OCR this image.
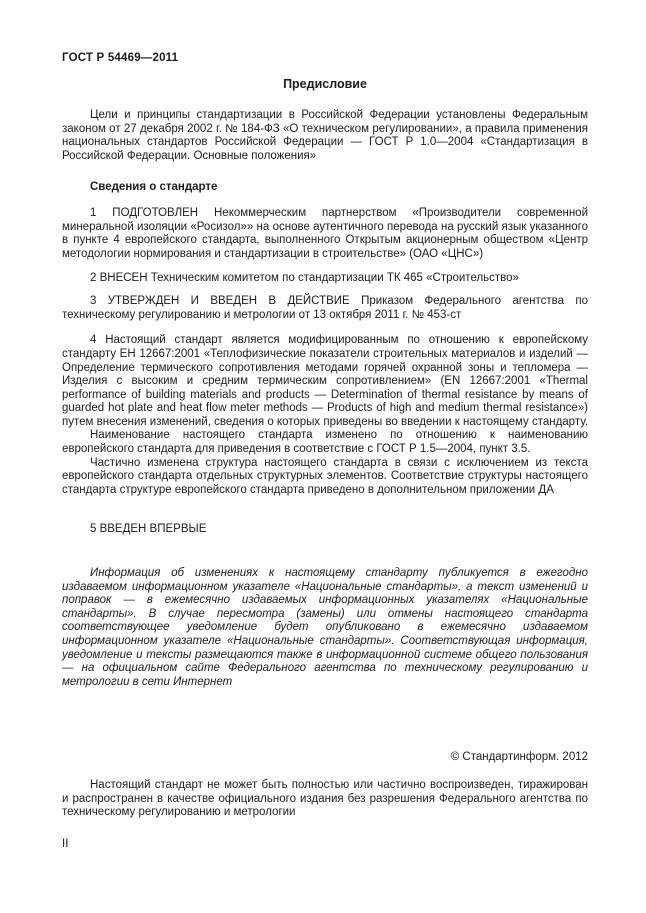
ГОСТ Р 54469—2011
Предисловие

Цели и принципы стандартизации в Российской Федерации установлены Федеральным законом от 27 декабря 2002 г. № 184-ФЗ «О техническом регулировании», а правила применения национальных стандартов Российской Федерации — ГОСТ Р 1.0—2004 «Стандартизация в Российской Федерации. Основные положения»

Сведения о стандарте

1 ПОДГОТОВЛЕН Некоммерческим партнерством «Производители современной минеральной изоляции «Росизол»» на основе аутентичного перевода на русский язык указанного в пункте 4 европейского стандарта, выполненного Открытым акционерным обществом «Центр методологии нормирования и стандартизации в строительстве» (ОАО «ЦНС»)

2 ВНЕСЕН Техническим комитетом по стандартизации ТК 465 «Строительство»

3 УТВЕРЖДЕН И ВВЕДЕН В ДЕЙСТВИЕ Приказом Федерального агентства по техническому регулированию и метрологии от 13 октября 2011 г. № 453-ст

4 Настоящий стандарт является модифицированным по отношению к европейскому стандарту ЕН 12667:2001 «Теплофизические показатели строительных материалов и изделий — Определение термического сопротивления методами горячей охранной зоны и тепломера — Изделия с высоким и средним термическим сопротивлением» (EN 12667:2001 «Thermal performance of building materials and products — Determination of thermal resistance by means of guarded hot plate and heat flow meter methods — Products of high and medium thermal resistance») путем внесения изменений, сведения о которых приведены во введении к настоящему стандарту.

Наименование настоящего стандарта изменено по отношению к наименованию европейского стандарта для приведения в соответствие с ГОСТ Р 1.5—2004, пункт 3.5.

Частично изменена структура настоящего стандарта в связи с исключением из текста европейского стандарта отдельных структурных элементов. Соответствие структуры настоящего стандарта структуре европейского стандарта приведено в дополнительном приложении ДА

5 ВВЕДЕН ВПЕРВЫЕ

Информация об изменениях к настоящему стандарту публикуется в ежегодно издаваемом информационном указателе «Национальные стандарты», а текст изменений и поправок — в ежемесячно издаваемых информационных указателях «Национальные стандарты». В случае пересмотра (замены) или отмены настоящего стандарта соответствующее уведомление будет опубликовано в ежемесячно издаваемом информационном указателе «Национальные стандарты». Соответствующая информация, уведомление и тексты размещаются также в информационной системе общего пользования — на официальном сайте Федерального агентства по техническому регулированию и метрологии в сети Интернет

© Стандартинформ. 2012

Настоящий стандарт не может быть полностью или частично воспроизведен, тиражирован и распространен в качестве официального издания без разрешения Федерального агентства по техническому регулированию и метрологии

II
